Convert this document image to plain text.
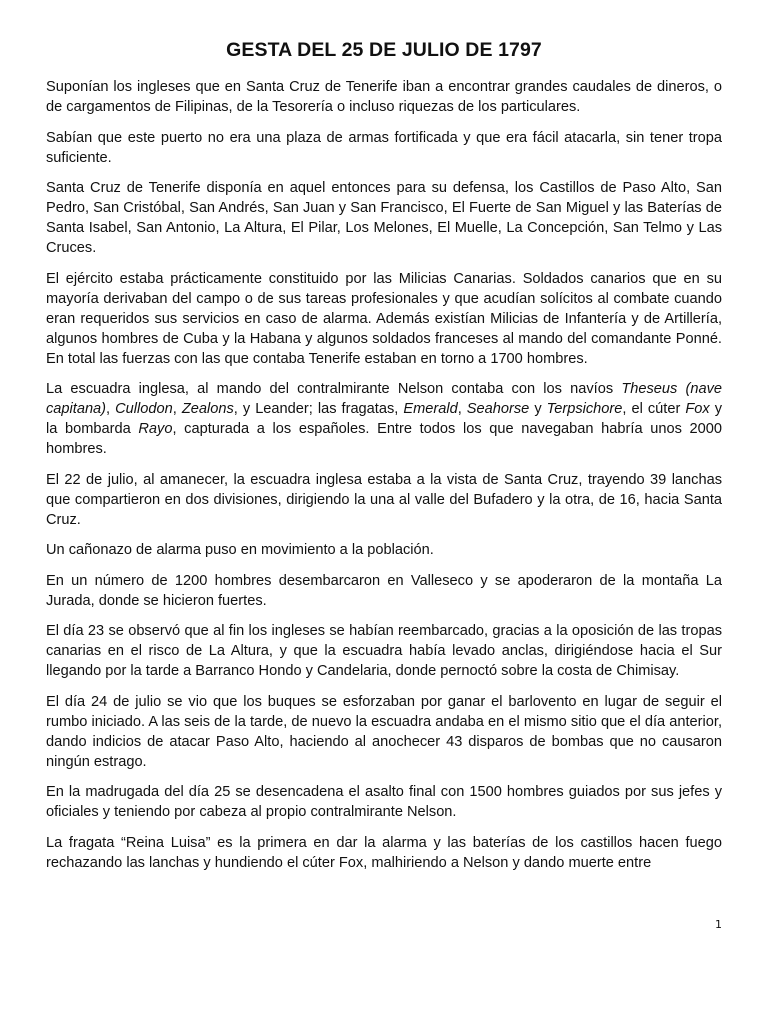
GESTA DEL 25 DE JULIO DE 1797

Suponían los ingleses que en Santa Cruz de Tenerife iban a encontrar grandes caudales de dineros, o de cargamentos de Filipinas, de la Tesorería o incluso riquezas de los particulares.

Sabían que este puerto no era una plaza de armas fortificada y que era fácil atacarla, sin tener tropa suficiente.

Santa Cruz de Tenerife disponía en aquel entonces para su defensa, los Castillos de Paso Alto, San Pedro, San Cristóbal, San Andrés, San Juan y San Francisco, El Fuerte de San Miguel y las Baterías de Santa Isabel, San Antonio, La Altura, El Pilar, Los Melones, El Muelle, La Concepción, San Telmo y Las Cruces.

El ejército estaba prácticamente constituido por las Milicias Canarias. Soldados canarios que en su mayoría derivaban del campo o de sus tareas profesionales y que acudían solícitos al combate cuando eran requeridos sus servicios en caso de alarma. Además existían Milicias de Infantería y de Artillería, algunos hombres de Cuba y la Habana y algunos soldados franceses al mando del comandante Ponné. En total las fuerzas con las que contaba Tenerife estaban en torno a 1700 hombres.

La escuadra inglesa, al mando del contralmirante Nelson contaba con los navíos Theseus (nave capitana), Cullodon, Zealons, y Leander; las fragatas, Emerald, Seahorse y Terpsichore, el cúter Fox y la bombarda Rayo, capturada a los españoles. Entre todos los que navegaban habría unos 2000 hombres.

El 22 de julio, al amanecer, la escuadra inglesa estaba a la vista de Santa Cruz, trayendo 39 lanchas que compartieron en dos divisiones, dirigiendo la una al valle del Bufadero y la otra, de 16, hacia Santa Cruz.

Un cañonazo de alarma puso en movimiento a la población.

En un número de 1200 hombres desembarcaron en Valleseco y se apoderaron de la montaña La Jurada, donde se hicieron fuertes.

El día 23 se observó que al fin los ingleses se habían reembarcado, gracias a la oposición de las tropas canarias en el risco de La Altura, y que la escuadra había levado anclas, dirigiéndose hacia el Sur llegando por la tarde a Barranco Hondo y Candelaria, donde pernoctó sobre la costa de Chimisay.

El día 24 de julio se vio que los buques se esforzaban por ganar el barlovento en lugar de seguir el rumbo iniciado. A las seis de la tarde, de nuevo la escuadra andaba en el mismo sitio que el día anterior, dando indicios de atacar Paso Alto, haciendo al anochecer 43 disparos de bombas que no causaron ningún estrago.

En la madrugada del día 25 se desencadena el asalto final con 1500 hombres guiados por sus jefes y oficiales y teniendo por cabeza al propio contralmirante Nelson.

La fragata “Reina Luisa” es la primera en dar la alarma y las baterías de los castillos hacen fuego rechazando las lanchas y hundiendo el cúter Fox, malhiriendo a Nelson y dando muerte entre

1
